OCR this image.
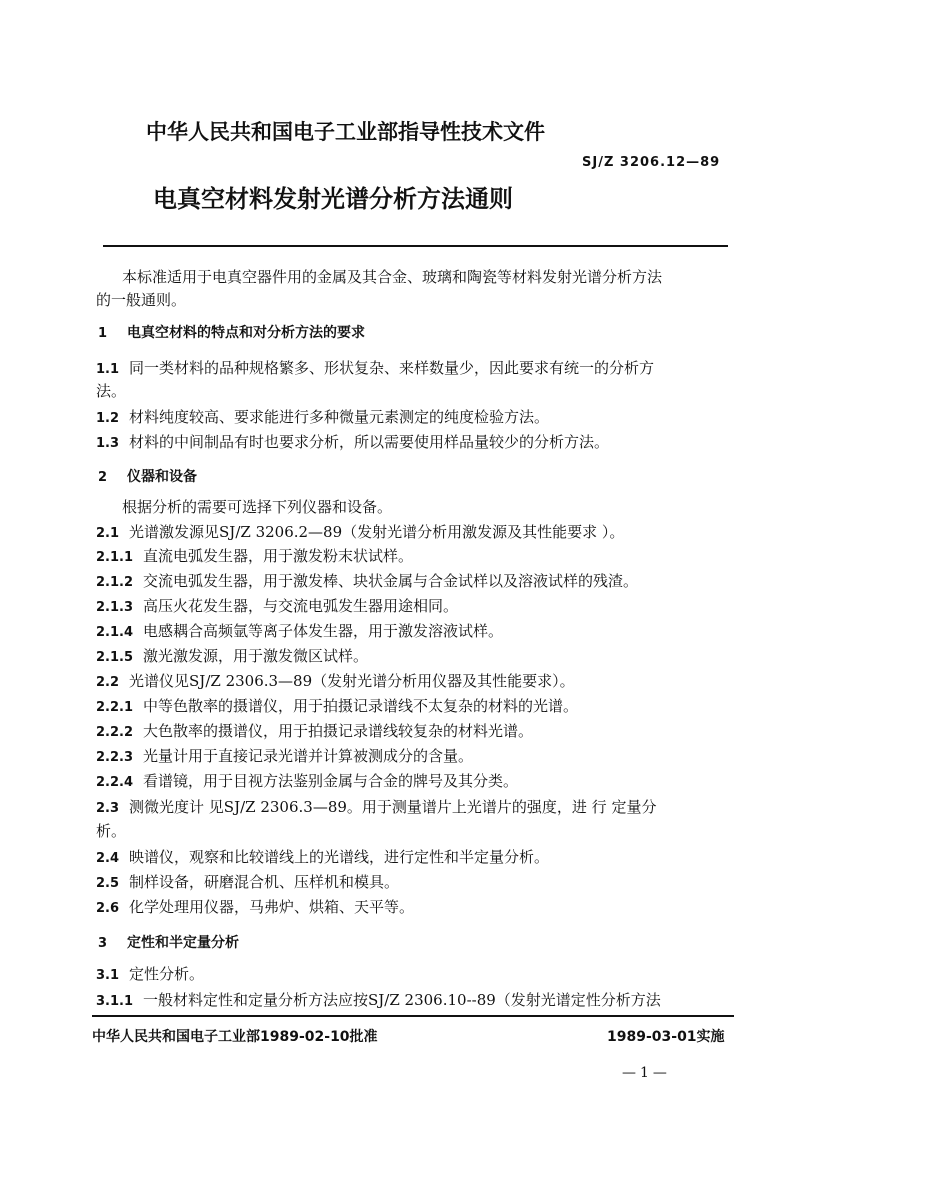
中华人民共和国电子工业部指导性技术文件
SJ/Z 3206.12—89
电真空材料发射光谱分析方法通则
本标准适用于电真空器件用的金属及其合金、玻璃和陶瓷等材料发射光谱分析方法
的一般通则。
1 电真空材料的特点和对分析方法的要求
1.1 同一类材料的品种规格繁多、形状复杂、来样数量少，因此要求有统一的分析方
法。
1.2 材料纯度较高、要求能进行多种微量元素测定的纯度检验方法。
1.3 材料的中间制品有时也要求分析，所以需要使用样品量较少的分析方法。
2 仪器和设备
根据分析的需要可选择下列仪器和设备。
2.1 光谱激发源见SJ/Z 3206.2—89（发射光谱分析用激发源及其性能要求 ）。
2.1.1 直流电弧发生器，用于激发粉末状试样。
2.1.2 交流电弧发生器，用于激发棒、块状金属与合金试样以及溶液试样的残渣。
2.1.3 高压火花发生器，与交流电弧发生器用途相同。
2.1.4 电感耦合高频氩等离子体发生器，用于激发溶液试样。
2.1.5 激光激发源，用于激发微区试样。
2.2 光谱仪见SJ/Z 2306.3—89（发射光谱分析用仪器及其性能要求）。
2.2.1 中等色散率的摄谱仪，用于拍摄记录谱线不太复杂的材料的光谱。
2.2.2 大色散率的摄谱仪，用于拍摄记录谱线较复杂的材料光谱。
2.2.3 光量计用于直接记录光谱并计算被测成分的含量。
2.2.4 看谱镜，用于目视方法鉴别金属与合金的牌号及其分类。
2.3 测微光度计 见SJ/Z 2306.3—89。用于测量谱片上光谱片的强度，进 行 定量分
析。
2.4 映谱仪，观察和比较谱线上的光谱线，进行定性和半定量分析。
2.5 制样设备，研磨混合机、压样机和模具。
2.6 化学处理用仪器，马弗炉、烘箱、天平等。
3 定性和半定量分析
3.1 定性分析。
3.1.1 一般材料定性和定量分析方法应按SJ/Z 2306.10--89（发射光谱定性分析方法
中华人民共和国电子工业部1989-02-10批准	1989-03-01实施
—1—
